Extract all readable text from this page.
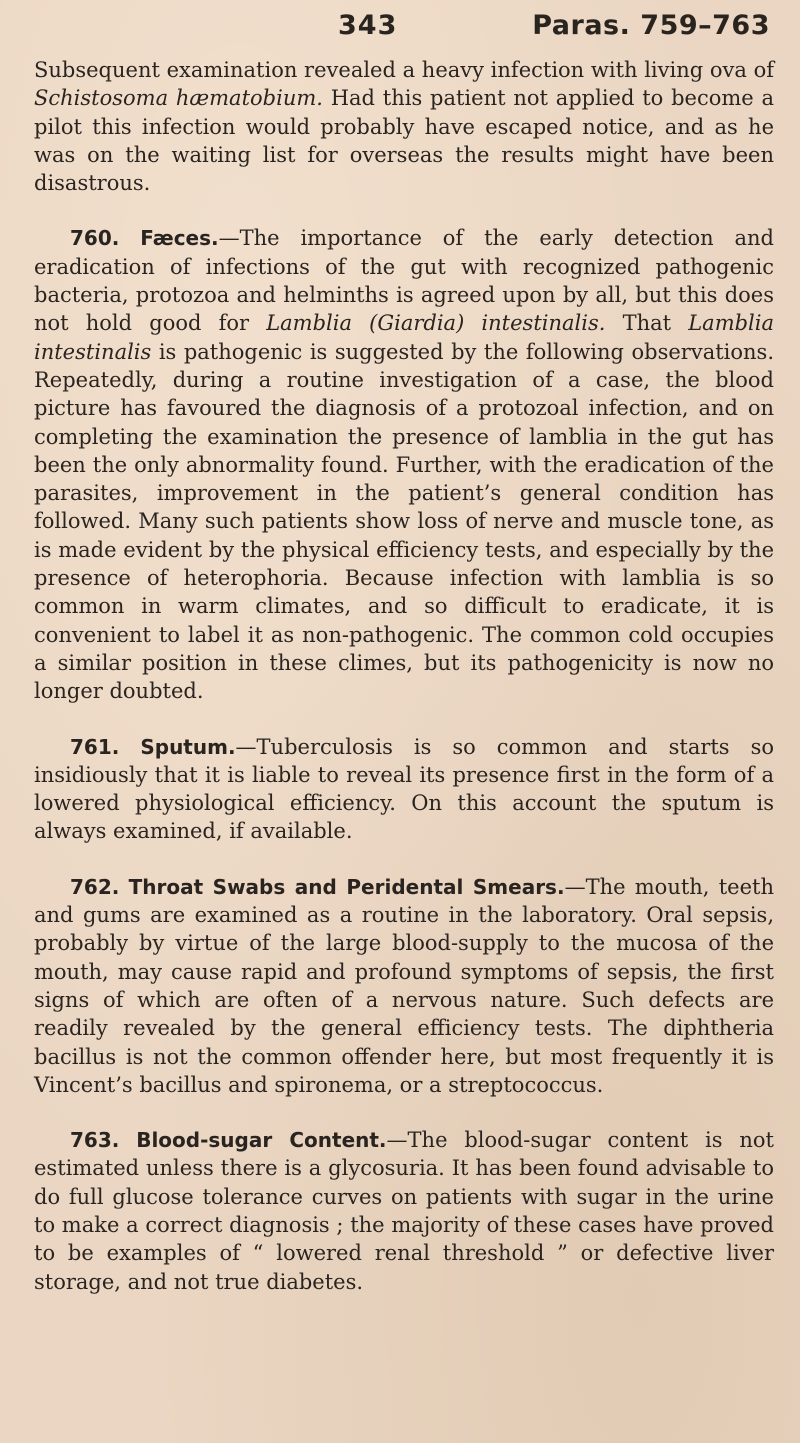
343	Paras. 759–763

Subsequent examination revealed a heavy infection with living ova of Schistosoma hæmatobium. Had this patient not applied to become a pilot this infection would probably have escaped notice, and as he was on the waiting list for overseas the results might have been disastrous.

760. Fæces.—The importance of the early detection and eradication of infections of the gut with recognized pathogenic bacteria, protozoa and helminths is agreed upon by all, but this does not hold good for Lamblia (Giardia) intestinalis. That Lamblia intestinalis is pathogenic is suggested by the following observations. Repeatedly, during a routine investigation of a case, the blood picture has favoured the diagnosis of a protozoal infection, and on completing the examination the presence of lamblia in the gut has been the only abnormality found. Further, with the eradication of the parasites, improvement in the patient’s general condition has followed. Many such patients show loss of nerve and muscle tone, as is made evident by the physical efficiency tests, and especially by the presence of heterophoria. Because infection with lamblia is so common in warm climates, and so difficult to eradicate, it is convenient to label it as non-pathogenic. The common cold occupies a similar position in these climes, but its pathogenicity is now no longer doubted.

761. Sputum.—Tuberculosis is so common and starts so insidiously that it is liable to reveal its presence first in the form of a lowered physiological efficiency. On this account the sputum is always examined, if available.

762. Throat Swabs and Peridental Smears.—The mouth, teeth and gums are examined as a routine in the laboratory. Oral sepsis, probably by virtue of the large blood-supply to the mucosa of the mouth, may cause rapid and profound symptoms of sepsis, the first signs of which are often of a nervous nature. Such defects are readily revealed by the general efficiency tests. The diphtheria bacillus is not the common offender here, but most frequently it is Vincent’s bacillus and spironema, or a streptococcus.

763. Blood-sugar Content.—The blood-sugar content is not estimated unless there is a glycosuria. It has been found advisable to do full glucose tolerance curves on patients with sugar in the urine to make a correct diagnosis ; the majority of these cases have proved to be examples of “ lowered renal threshold ” or defective liver storage, and not true diabetes.
